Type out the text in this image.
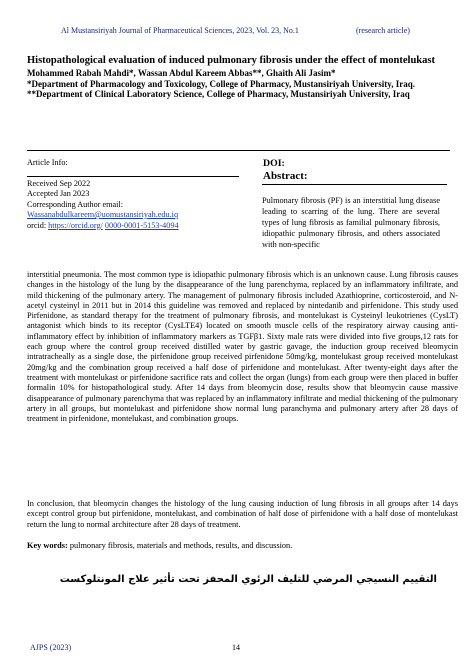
Al Mustansiriyah Journal of Pharmaceutical Sciences, 2023, Vol. 23, No.1	(research article)

Histopathological evaluation of induced pulmonary fibrosis under the effect of montelukast

Mohammed Rabah Mahdi*, Wassan Abdul Kareem Abbas**, Ghaith Ali Jasim*

*Department of Pharmacology and Toxicology, College of Pharmacy, Mustansiriyah University, Iraq.

**Department of Clinical Laboratory Science, College of Pharmacy, Mustansiriyah University, Iraq

Article Info:

Received Sep 2022

Accepted Jan 2023

Corresponding Author email:

Wassanabdulkareem@uomustansiriyah.edu.iq

orcid: https://orcid.org/ 0000-0001-5153-4094

DOI:
Abstract:

Pulmonary fibrosis (PF) is an interstitial lung disease leading to scarring of the lung. There are several types of lung fibrosis as familial pulmonary fibrosis, idiopathic pulmonary fibrosis, and others associated with non-specific

interstitial pneumonia. The most common type is idiopathic pulmonary fibrosis which is an unknown cause. Lung fibrosis causes changes in the histology of the lung by the disappearance of the lung parenchyma, replaced by an inflammatory infiltrate, and mild thickening of the pulmonary artery. The management of pulmonary fibrosis included Azathioprine, corticosteroid, and N-acetyl cysteinyl in 2011 but in 2014 this guideline was removed and replaced by nintedanib and pirfenidone. This study used Pirfenidone, as standard therapy for the treatment of pulmonary fibrosis, and montelukast is Cysteinyl leukotrienes (CysLT) antagonist which binds to its receptor (CysLTE4) located on smooth muscle cells of the respiratory airway causing anti-inflammatory effect by inhibition of inflammatory markers as TGFβ1. Sixty male rats were divided into five groups,12 rats for each group where the control group received distilled water by gastric gavage, the induction group received bleomycin intratracheally as a single dose, the pirfenidone group received pirfenidone 50mg/kg, montelukast group received montelukast 20mg/kg and the combination group received a half dose of pirfenidone and montelukast. After twenty-eight days after the treatment with montelukast or pirfenidone sacrifice rats and collect the organ (lungs) from each group were then placed in buffer formalin 10% for histopathological study. After 14 days from bleomycin dose, results show that bleomycin cause massive disappearance of pulmonary parenchyma that was replaced by an inflammatory infiltrate and medial thickening of the pulmonary artery in all groups, but montelukast and pirfenidone show normal lung paranchyma and pulmonary artery after 28 days of treatment in pirfenidone, montelukast, and combination groups.

In conclusion, that bleomycin changes the histology of the lung causing induction of lung fibrosis in all groups after 14 days except control group but pirfenidone, montelukast, and combination of half dose of pirfenidone with a half dose of montelukast return the lung to normal architecture after 28 days of treatment.

Key words: pulmonary fibrosis, materials and methods, results, and discussion.

التقييم النسيجي المرضي للتليف الرئوي المحفز تحت تأثير علاج المونتلوكست
AJPS (2023)	14
